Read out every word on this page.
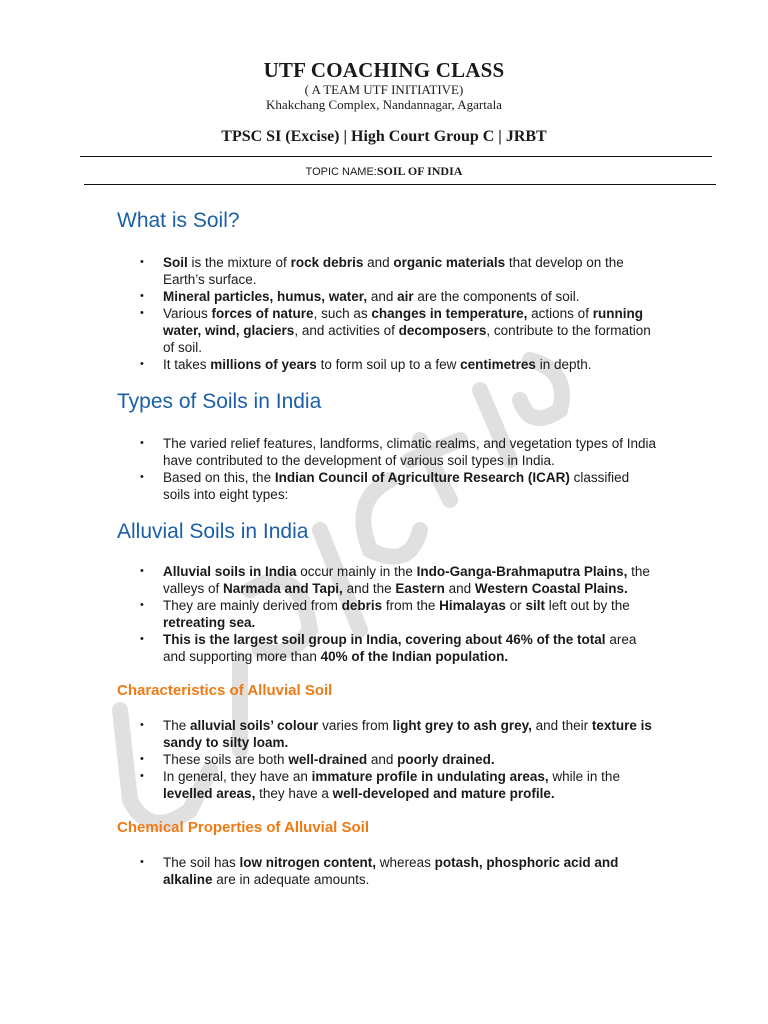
UTF COACHING CLASS

( A TEAM UTF INITIATIVE)

Khakchang Complex, Nandannagar, Agartala

TPSC SI (Excise) | High Court Group C | JRBT
TOPIC NAME:SOIL OF INDIA
What is Soil?
• Soil is the mixture of rock debris and organic materials that develop on the Earth’s surface.
• Mineral particles, humus, water, and air are the components of soil.
• Various forces of nature, such as changes in temperature, actions of running water, wind, glaciers, and activities of decomposers, contribute to the formation of soil.
• It takes millions of years to form soil up to a few centimetres in depth.
Types of Soils in India
• The varied relief features, landforms, climatic realms, and vegetation types of India have contributed to the development of various soil types in India.
• Based on this, the Indian Council of Agriculture Research (ICAR) classified soils into eight types:
Alluvial Soils in India
• Alluvial soils in India occur mainly in the Indo-Ganga-Brahmaputra Plains, the valleys of Narmada and Tapi, and the Eastern and Western Coastal Plains.
• They are mainly derived from debris from the Himalayas or silt left out by the retreating sea.
• This is the largest soil group in India, covering about 46% of the total area and supporting more than 40% of the Indian population.
Characteristics of Alluvial Soil
• The alluvial soils’ colour varies from light grey to ash grey, and their texture is sandy to silty loam.
• These soils are both well-drained and poorly drained.
• In general, they have an immature profile in undulating areas, while in the levelled areas, they have a well-developed and mature profile.
Chemical Properties of Alluvial Soil
• The soil has low nitrogen content, whereas potash, phosphoric acid and alkaline are in adequate amounts.
